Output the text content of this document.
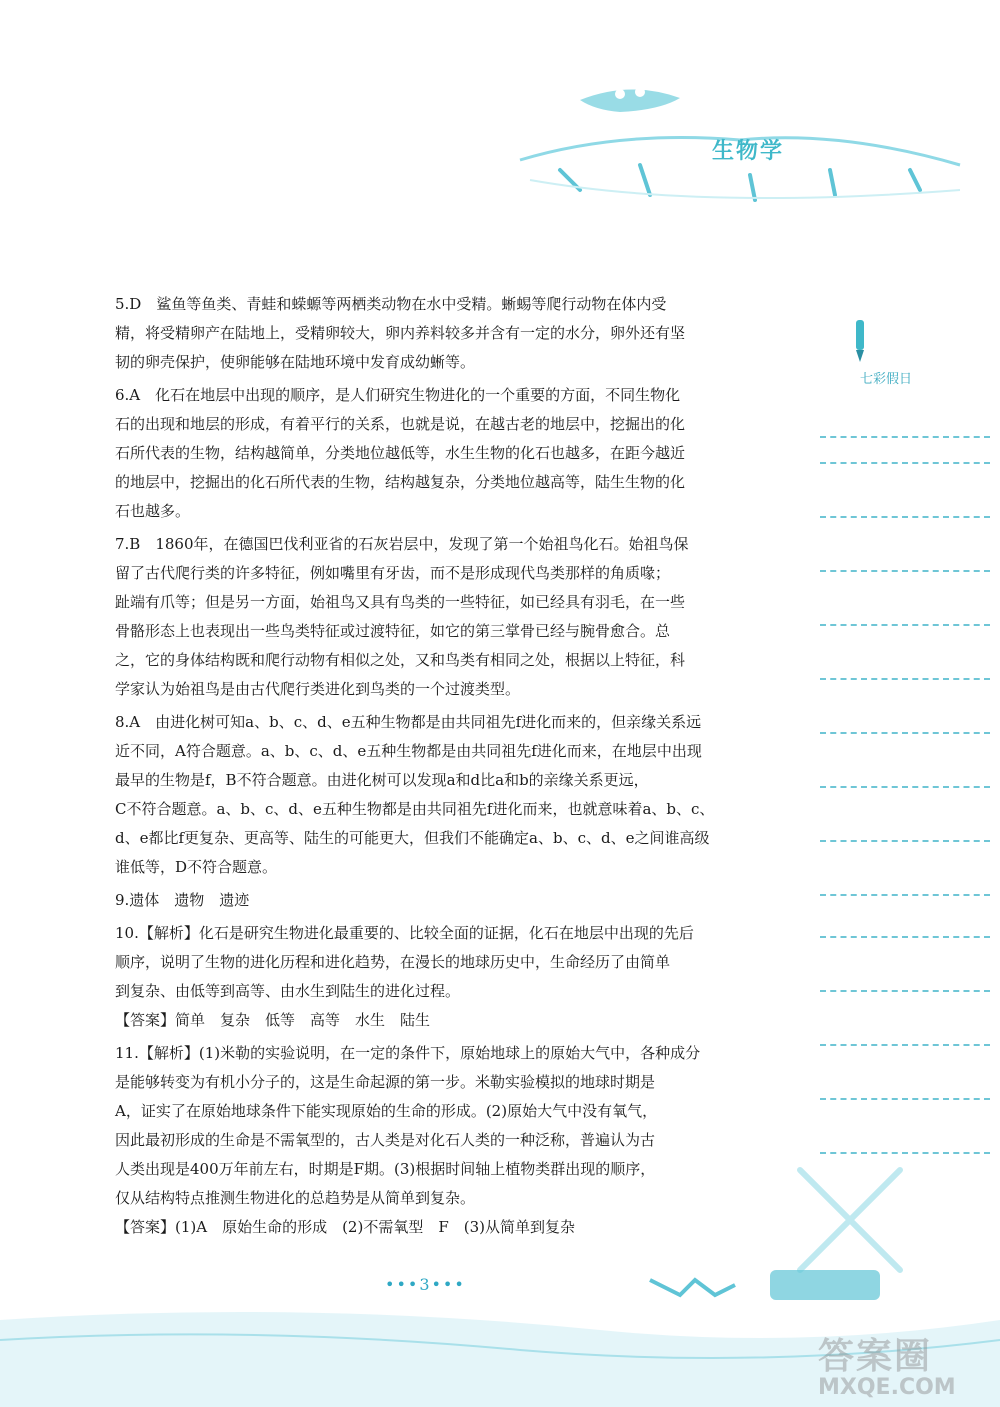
生物学
5.D　鲨鱼等鱼类、青蛙和蝾螈等两栖类动物在水中受精。蜥蜴等爬行动物在体内受
精，将受精卵产在陆地上，受精卵较大，卵内养料较多并含有一定的水分，卵外还有坚
韧的卵壳保护，使卵能够在陆地环境中发育成幼蜥等。
6.A　化石在地层中出现的顺序，是人们研究生物进化的一个重要的方面，不同生物化
石的出现和地层的形成，有着平行的关系，也就是说，在越古老的地层中，挖掘出的化
石所代表的生物，结构越简单，分类地位越低等，水生生物的化石也越多，在距今越近
的地层中，挖掘出的化石所代表的生物，结构越复杂，分类地位越高等，陆生生物的化
石也越多。
7.B　1860年，在德国巴伐利亚省的石灰岩层中，发现了第一个始祖鸟化石。始祖鸟保
留了古代爬行类的许多特征，例如嘴里有牙齿，而不是形成现代鸟类那样的角质喙；
趾端有爪等；但是另一方面，始祖鸟又具有鸟类的一些特征，如已经具有羽毛，在一些
骨骼形态上也表现出一些鸟类特征或过渡特征，如它的第三掌骨已经与腕骨愈合。总
之，它的身体结构既和爬行动物有相似之处，又和鸟类有相同之处，根据以上特征，科
学家认为始祖鸟是由古代爬行类进化到鸟类的一个过渡类型。
8.A　由进化树可知a、b、c、d、e五种生物都是由共同祖先f进化而来的，但亲缘关系远
近不同，A符合题意。a、b、c、d、e五种生物都是由共同祖先f进化而来，在地层中出现
最早的生物是f，B不符合题意。由进化树可以发现a和d比a和b的亲缘关系更远，
C不符合题意。a、b、c、d、e五种生物都是由共同祖先f进化而来，也就意味着a、b、c、
d、e都比f更复杂、更高等、陆生的可能更大，但我们不能确定a、b、c、d、e之间谁高级
谁低等，D不符合题意。
9.遗体　遗物　遗迹
10.【解析】化石是研究生物进化最重要的、比较全面的证据，化石在地层中出现的先后
顺序，说明了生物的进化历程和进化趋势，在漫长的地球历史中，生命经历了由简单
到复杂、由低等到高等、由水生到陆生的进化过程。
【答案】简单　复杂　低等　高等　水生　陆生
11.【解析】(1)米勒的实验说明，在一定的条件下，原始地球上的原始大气中，各种成分
是能够转变为有机小分子的，这是生命起源的第一步。米勒实验模拟的地球时期是
A，证实了在原始地球条件下能实现原始的生命的形成。(2)原始大气中没有氧气，
因此最初形成的生命是不需氧型的，古人类是对化石人类的一种泛称，普遍认为古
人类出现是400万年前左右，时期是F期。(3)根据时间轴上植物类群出现的顺序，
仅从结构特点推测生物进化的总趋势是从简单到复杂。
【答案】(1)A　原始生命的形成　(2)不需氧型　F　(3)从简单到复杂
七彩假日
•••3•••
答案圈
MXQE.COM
